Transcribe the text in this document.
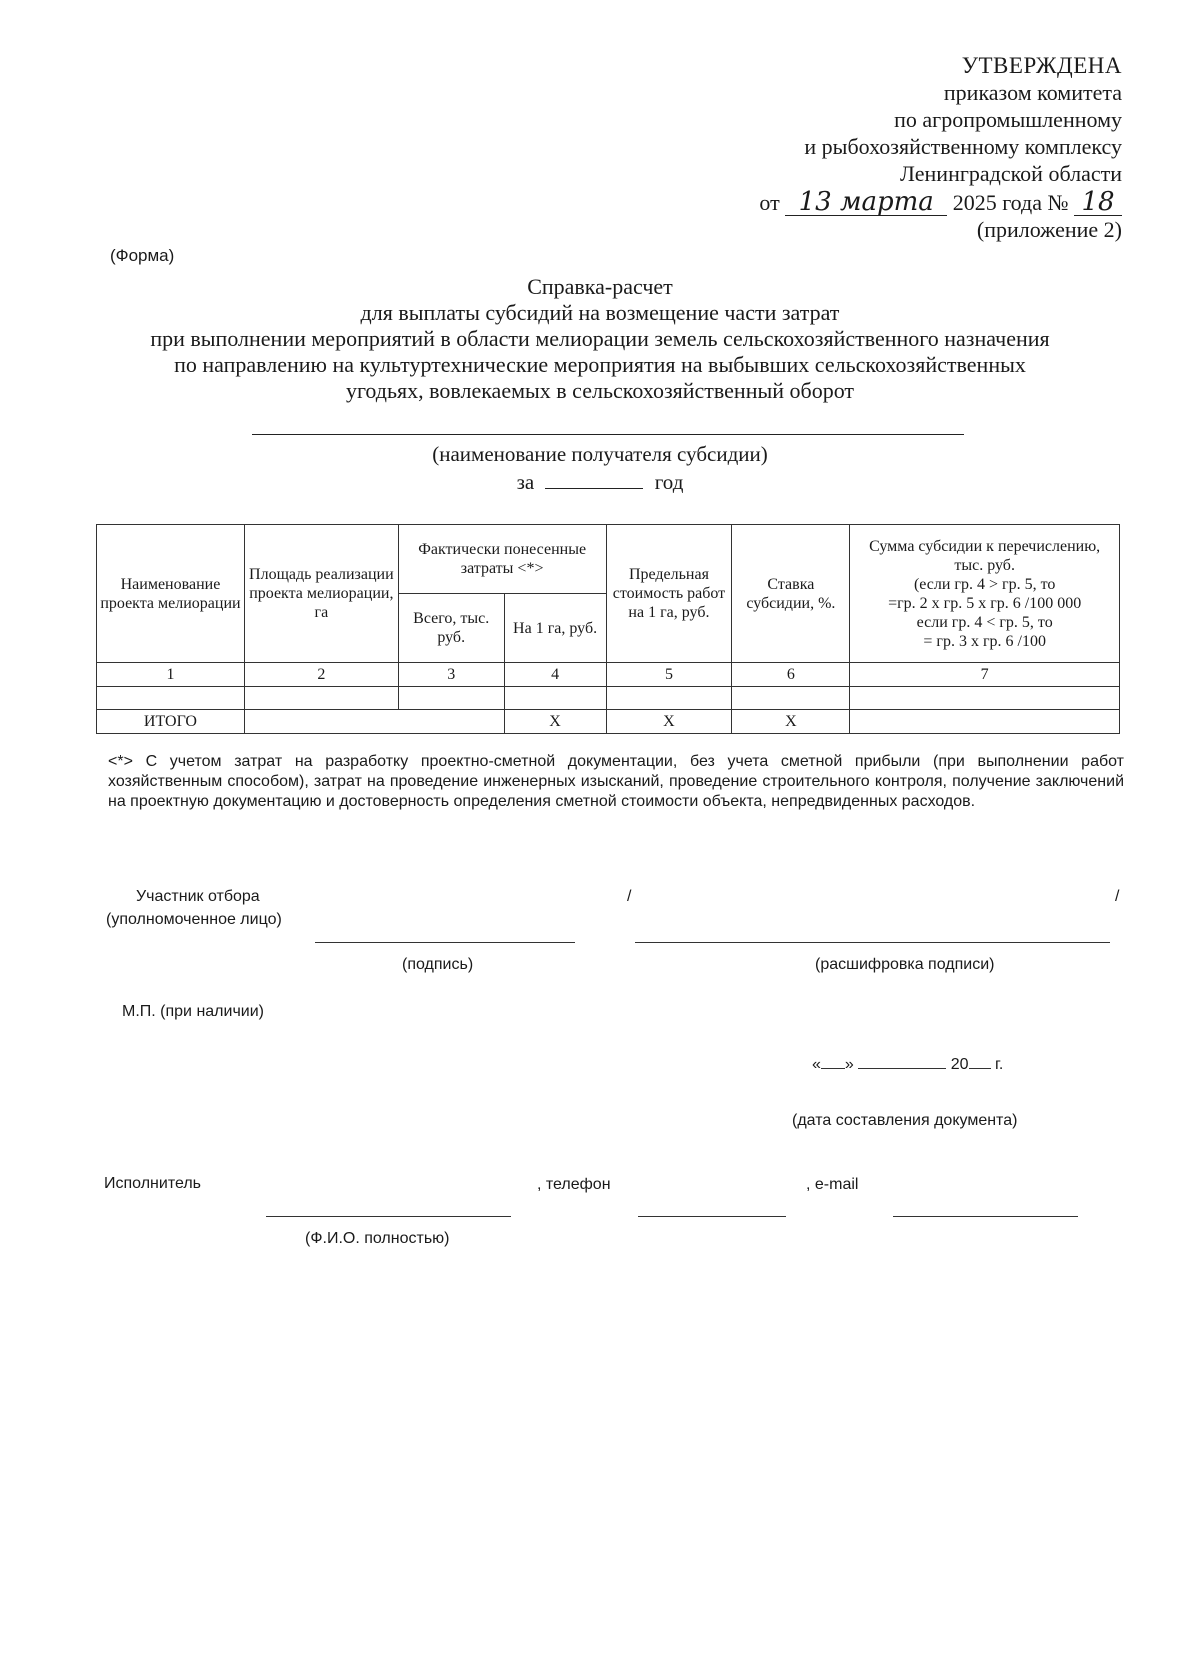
УТВЕРЖДЕНА
приказом комитета
по агропромышленному
и рыбохозяйственному комплексу
Ленинградской области
от 13 марта 2025 года № 18
(приложение 2)
(Форма)
Справка-расчет
для выплаты субсидий на возмещение части затрат
при выполнении мероприятий в области мелиорации земель сельскохозяйственного назначения
по направлению на культуртехнические мероприятия на выбывших сельскохозяйственных
угодьях, вовлекаемых в сельскохозяйственный оборот
(наименование получателя субсидии)
за	год
Наименование проекта мелиорации	Площадь реализации проекта мелиорации, га	Фактически понесенные затраты <*>		Предельная стоимость работ на 1 га, руб.	Ставка субсидии, %.	Сумма субсидии к перечислению, тыс. руб.
(если гр. 4 > гр. 5, то
=гр. 2 x гр. 5 x гр. 6 /100 000
если гр. 4 < гр. 5, то
= гр. 3 x гр. 6 /100

		Всего, тыс. руб.	На 1 га, руб.			
1	2	3	4	5	6	7

ИТОГО			X	X	X	
<*> С учетом затрат на разработку проектно-сметной документации, без учета сметной прибыли (при выполнении работ хозяйственным способом), затрат на проведение инженерных изысканий, проведение строительного контроля, получение заключений на проектную документацию и достоверность определения сметной стоимости объекта, непредвиденных расходов.
Участник отбора
(уполномоченное лицо)
/	/
(подпись)	(расшифровка подписи)
М.П. (при наличии)
« »	20 г.
(дата составления документа)
Исполнитель	, телефон	, e-mail
(Ф.И.О. полностью)
